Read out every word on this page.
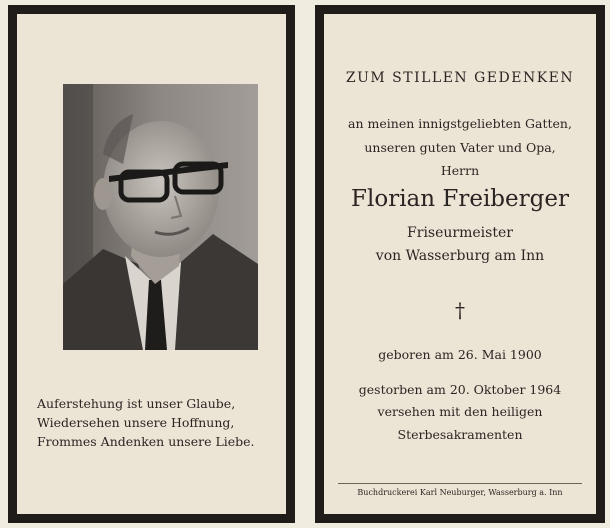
Auferstehung ist unser Glaube,
Wiedersehen unsere Hoffnung,
Frommes Andenken unsere Liebe.
ZUM STILLEN GEDENKEN
an meinen innigstgeliebten Gatten,
unseren guten Vater und Opa,
Herrn
Florian Freiberger
Friseurmeister
von Wasserburg am Inn
†
geboren am 26. Mai 1900
gestorben am 20. Oktober 1964
versehen mit den heiligen
Sterbesakramenten
Buchdruckerei Karl Neuburger, Wasserburg a. Inn
